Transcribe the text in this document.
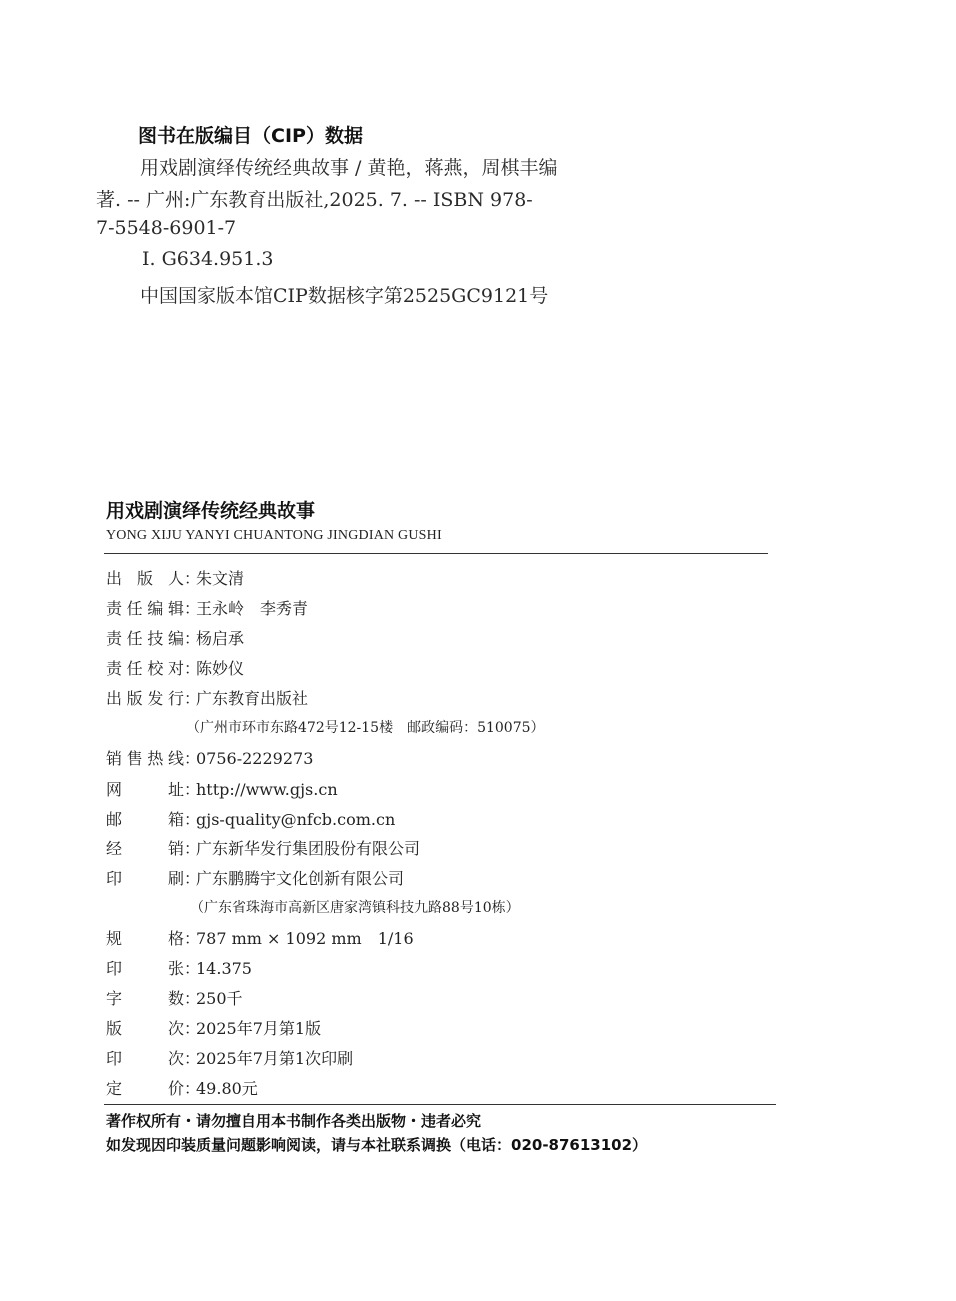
图书在版编目（CIP）数据
用戏剧演绎传统经典故事 / 黄艳，蒋燕，周棋丰编
著. -- 广州:广东教育出版社,2025. 7. -- ISBN 978-
7-5548-6901-7
Ⅰ. G634.951.3
中国国家版本馆CIP数据核字第2525GC9121号
用戏剧演绎传统经典故事
YONG XIJU YANYI CHUANTONG JINGDIAN GUSHI
出版人：朱文清
责任编辑：王永岭　李秀青
责任技编：杨启承
责任校对：陈妙仪
出版发行：广东教育出版社
（广州市环市东路472号12-15楼　邮政编码：510075）
销售热线：0756-2229273
网址：http://www.gjs.cn
邮箱：gjs-quality@nfcb.com.cn
经销：广东新华发行集团股份有限公司
印刷：广东鹏腾宇文化创新有限公司
（广东省珠海市高新区唐家湾镇科技九路88号10栋）
规格：787 mm × 1092 mm　1/16
印张：14.375
字数：250千
版次：2025年7月第1版
印次：2025年7月第1次印刷
定价：49.80元
著作权所有・请勿擅自用本书制作各类出版物・违者必究
如发现因印装质量问题影响阅读，请与本社联系调换（电话：020-87613102）
